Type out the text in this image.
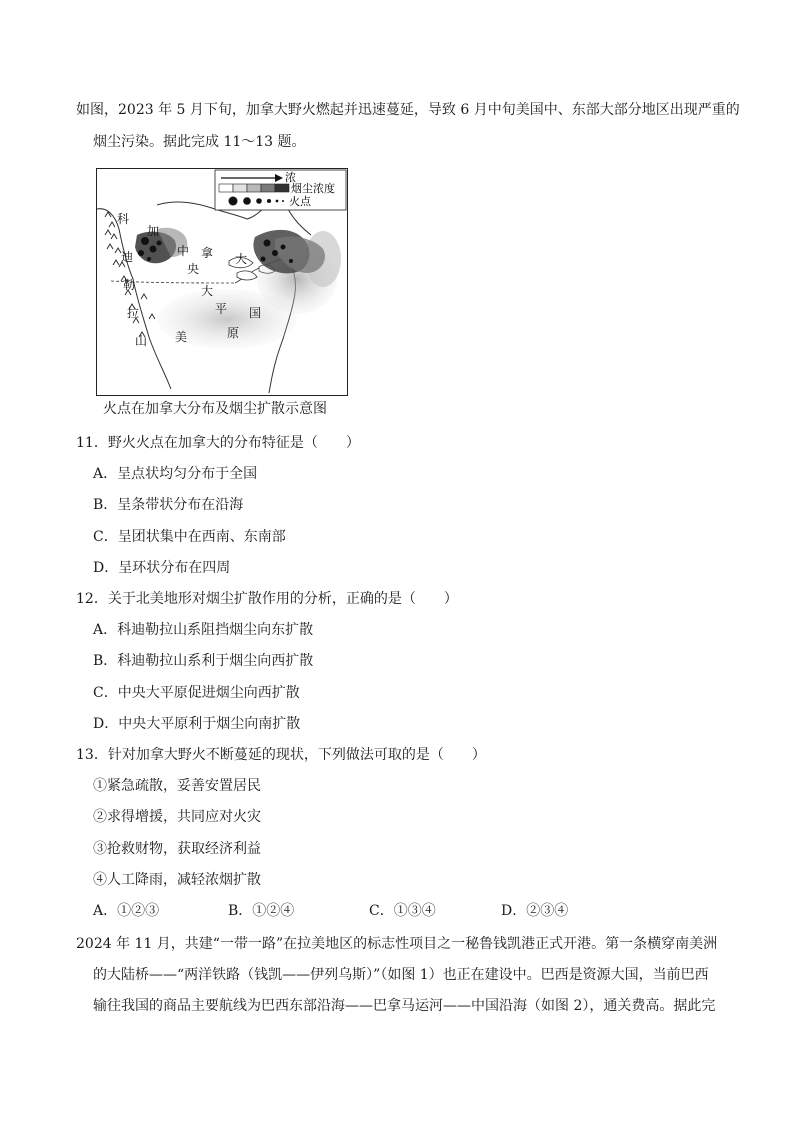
如图，2023 年 5 月下旬，加拿大野火燃起并迅速蔓延，导致 6 月中旬美国中、东部大部分地区出现严重的
烟尘污染。据此完成 11～13 题。
浓
烟尘浓度
火点
科
迪
勒
拉
山
加
拿 大
中
央
大
平
原
美
国
火点在加拿大分布及烟尘扩散示意图
11．野火火点在加拿大的分布特征是（　　）
A．呈点状均匀分布于全国
B．呈条带状分布在沿海
C．呈团状集中在西南、东南部
D．呈环状分布在四周
12．关于北美地形对烟尘扩散作用的分析，正确的是（　　）
A．科迪勒拉山系阻挡烟尘向东扩散
B．科迪勒拉山系利于烟尘向西扩散
C．中央大平原促进烟尘向西扩散
D．中央大平原利于烟尘向南扩散
13．针对加拿大野火不断蔓延的现状，下列做法可取的是（　　）
①紧急疏散，妥善安置居民
②求得增援，共同应对火灾
③抢救财物，获取经济利益
④人工降雨，减轻浓烟扩散
A．①②③	B．①②④	C．①③④	D．②③④
2024 年 11 月，共建“一带一路”在拉美地区的标志性项目之一秘鲁钱凯港正式开港。第一条横穿南美洲
的大陆桥——“两洋铁路（钱凯——伊列乌斯）”（如图 1）也正在建设中。巴西是资源大国，当前巴西
输往我国的商品主要航线为巴西东部沿海——巴拿马运河——中国沿海（如图 2），通关费高。据此完
